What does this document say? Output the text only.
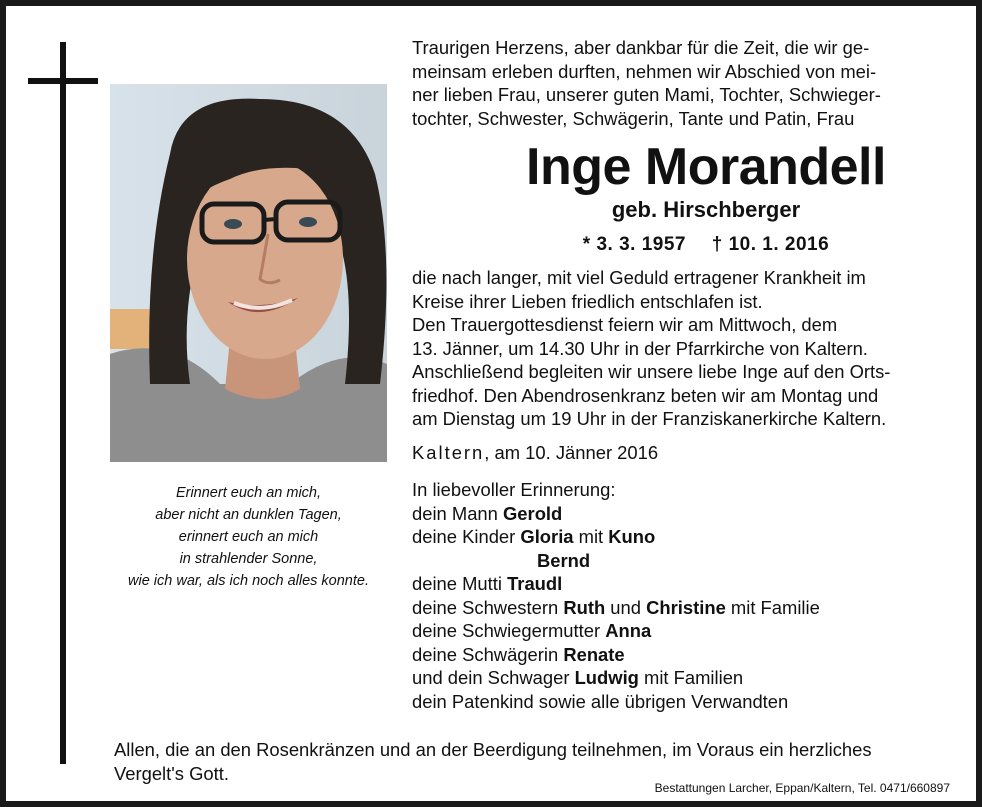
Erinnert euch an mich,
aber nicht an dunklen Tagen,
erinnert euch an mich
in strahlender Sonne,
wie ich war, als ich noch alles konnte.

Traurigen Herzens, aber dankbar für die Zeit, die wir ge-
meinsam erleben durften, nehmen wir Abschied von mei-
ner lieben Frau, unserer guten Mami, Tochter, Schwieger-
tochter, Schwester, Schwägerin, Tante und Patin, Frau

Inge Morandell
geb. Hirschberger
* 3. 3. 1957 † 10. 1. 2016
die nach langer, mit viel Geduld ertragener Krankheit im
Kreise ihrer Lieben friedlich entschlafen ist.
Den Trauergottesdienst feiern wir am Mittwoch, dem
13. Jänner, um 14.30 Uhr in der Pfarrkirche von Kaltern.
Anschließend begleiten wir unsere liebe Inge auf den Orts-
friedhof. Den Abendrosenkranz beten wir am Montag und
am Dienstag um 19 Uhr in der Franziskanerkirche Kaltern.
Kaltern, am 10. Jänner 2016
In liebevoller Erinnerung:
dein Mann Gerold
deine Kinder Gloria mit Kuno
Bernd
deine Mutti Traudl
deine Schwestern Ruth und Christine mit Familie
deine Schwiegermutter Anna
deine Schwägerin Renate
und dein Schwager Ludwig mit Familien
dein Patenkind sowie alle übrigen Verwandten
Allen, die an den Rosenkränzen und an der Beerdigung teilnehmen, im Voraus ein herzliches
Vergelt's Gott.
Bestattungen Larcher, Eppan/Kaltern, Tel. 0471/660897
